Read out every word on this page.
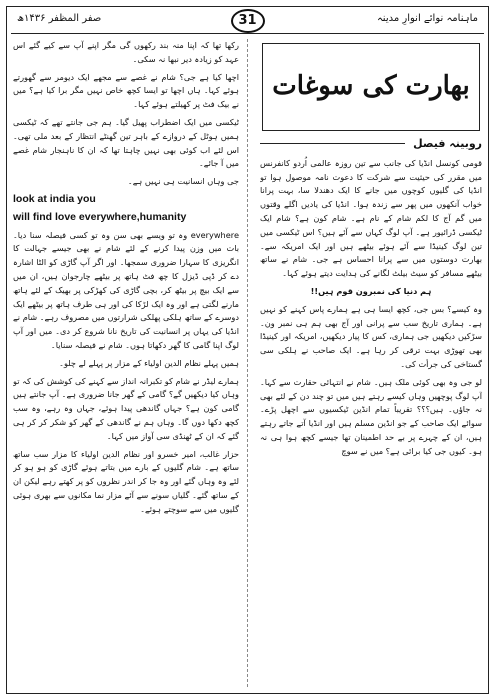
صفر المظفر ۱۴۳۶ھ	31	ماہنامہ نوائے انوارِ مدینہ
بھارت کی سوغات
روبینہ فیصل

قومی کونسل انڈیا کی جانب سے تین روزہ عالمی اُردو کانفرنس میں مقرر کی حیثیت سے شرکت کا دعوت نامہ موصول ہوا تو انڈیا کی گلیوں کوچوں میں جانے کا ایک دھندلا سا، بہت پرانا خواب آنکھوں میں پھر سے زندہ ہوا۔ انڈیا کی یادیں اگلے وقتوں میں گم آج کا لکم شام کے نام ہے۔ شام کون ہے؟ شام ایک ٹیکسی ڈرائیور ہے۔ آپ لوگ کہاں سے آئے ہیں؟ اس ٹیکسی میں تین لوگ کینیڈا سے آئے ہوئے بیٹھے ہیں اور ایک امریکہ سے۔ بھارت دوستوں میں سے پرانا احساس ہے جی۔ شام نے ساتھ بیٹھے مسافر کو سیٹ بیلٹ لگانے کی ہدایت دیتے ہوئے کہا۔

ہم دنیا کی نمبرون قوم ہیں!!

وہ کیسے؟ بس جی، کچھ ایسا ہی ہے ہمارے پاس کہنے کو نہیں ہے۔ ہماری تاریخ سب سے پرانی اور آج بھی ہم ہی نمبر ون۔ سڑکیں دیکھیں جی ہماری، کس کا پیار دیکھیں، امریکہ اور کینیڈا بھی تھوڑی بہت ترقی کر رہا ہے۔ ایک صاحب نے ہلکی سی گستاخی کی جرأت کی۔

لو جی وہ بھی کوئی ملک ہیں۔ شام نے انتہائی حقارت سے کہا۔ آپ لوگ پوچھیں وہاں کیسے رہتے ہیں میں تو چند دن کے لئے بھی نہ جاؤں۔ ہیں؟؟؟ تقریباً تمام انڈین ٹیکسیوں سے اچھل پڑے۔ سوائے ایک صاحب کے جو انڈین مسلم ہیں اور انڈیا آتے جاتے رہتے ہیں، ان کے چہرے پر بے حد اطمینان تھا جیسے کچھ ہوا ہی نہ ہو۔ کیوں جی کیا برائی ہے؟ میں نے سوچ

رکھا تھا کہ اپنا منہ بند رکھوں گی مگر اپنے آپ سے کیے گئے اس عہد کو زیادہ دیر نبھا نہ سکی۔

اچھا کیا ہے جی؟ شام نے غصے سے مجھے ایک دیومر سے گھورتے ہوئے کہا۔ ہاں اچھا تو ایسا کچھ خاص نہیں مگر برا کیا ہے؟ میں نے بیک فٹ پر کھیلتے ہوئے کہا۔

ٹیکسی میں ایک اضطراب پھیل گیا۔ ہم جی جانتے تھے کہ ٹیکسی ہمیں ہوٹل کے دروازے کے باہر تین گھنٹے انتظار کے بعد ملی تھی۔ اس لئے اب کوئی بھی نہیں چاہتا تھا کہ ان کا ناہنجار شام غصے میں آ جائے۔

جی وہاں انسانیت ہی نہیں ہے۔

look at india you

will find love everywhere,humanity

everywhere وہ تو ویسے بھی سن وہ تو کسی فیصلہ سنا دیا۔ بات میں وزن پیدا کرنے کے لئے شام نے بھی جیسے جہالت کا انگریزی کا سہارا ضروری سمجھا۔ اور اگر آپ گاڑی کو الٹا اشارہ دے کر ڈپی ڈیزل کا چھ فٹ ہاتھ پر بیٹھے چارجوان ہیں، ان میں سے ایک بیچ پر بیٹھ کر، بچی گاڑی کی کھڑکی پر بھیک کے لئے ہاتھ مارنے لگتی ہے اور وہ ایک لڑکا کی اور ہی طرف ہاتھ پر بیٹھے ایک دوسرے کے ساتھ ہلکی پھلکی شرارتوں میں مصروف رہے۔ شام نے انڈیا کی یہاں پر انسانیت کی تاریخ نانا شروع کر دی۔ میں اور آپ لوگ اپنا گامی کا گھر دکھاتا ہوں۔ شام نے فیصلہ سنایا۔

ہمیں پہلے نظام الدین اولیاء کے مزار پر پہلے لے چلو۔

ہمارے لیڈر نے شام کو تکبرانہ انداز سے کہنے کی کوشش کی کہ تو وہاں کیا دیکھیں گے؟ گامی کے گھر جانا ضروری ہے۔ آپ جانتے ہیں گامی کون ہے؟ جہاں گاندھی پیدا ہوئے، جہاں وہ رہے، وہ سب کچھ دکھا دوں گا۔ وہاں ہم نے گاندھی کے گھر کو شکر کر کر ہی گئے کہ ان کے ٹھنڈی سی آواز میں کہا۔

حزار غالب، امیر خسرو اور نظام الدین اولیاء کا مزار سب ساتھ ساتھ ہے۔ شام گلیوں کے بارے میں بتاتے ہوئے گاڑی کو ہو ہو کر لئے وہ وہاں گئے اور وہ جا کر اندر نظروں کو پر کھتے رہے لیکن ان کے ساتھ گئے۔ گلیاں سونے سے آئے مزار نما مکانوں سے بھری ہوئی گلیوں میں سے سوچتے ہوئے۔
